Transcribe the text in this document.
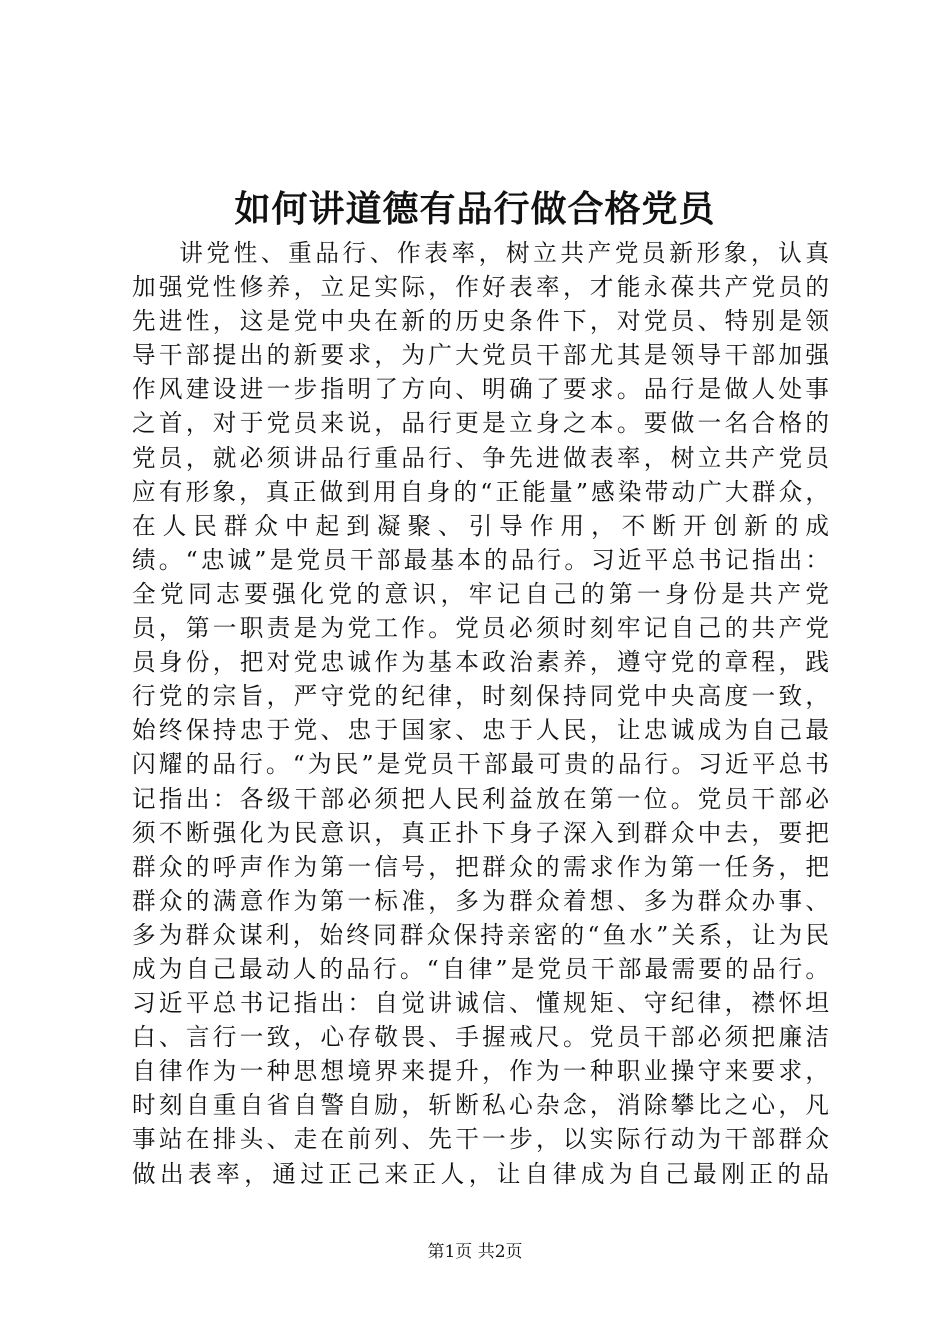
如何讲道德有品行做合格党员

讲党性、重品行、作表率，树立共产党员新形象，认真加强党性修养，立足实际，作好表率，才能永葆共产党员的先进性，这是党中央在新的历史条件下，对党员、特别是领导干部提出的新要求，为广大党员干部尤其是领导干部加强作风建设进一步指明了方向、明确了要求。品行是做人处事之首，对于党员来说，品行更是立身之本。要做一名合格的党员，就必须讲品行重品行、争先进做表率，树立共产党员应有形象，真正做到用自身的“正能量”感染带动广大群众，在人民群众中起到凝聚、引导作用，不断开创新的成绩。“忠诚”是党员干部最基本的品行。习近平总书记指出：全党同志要强化党的意识，牢记自己的第一身份是共产党员，第一职责是为党工作。党员必须时刻牢记自己的共产党员身份，把对党忠诚作为基本政治素养，遵守党的章程，践行党的宗旨，严守党的纪律，时刻保持同党中央高度一致，始终保持忠于党、忠于国家、忠于人民，让忠诚成为自己最闪耀的品行。“为民”是党员干部最可贵的品行。习近平总书记指出：各级干部必须把人民利益放在第一位。党员干部必须不断强化为民意识，真正扑下身子深入到群众中去，要把群众的呼声作为第一信号，把群众的需求作为第一任务，把群众的满意作为第一标准，多为群众着想、多为群众办事、多为群众谋利，始终同群众保持亲密的“鱼水”关系，让为民成为自己最动人的品行。“自律”是党员干部最需要的品行。习近平总书记指出：自觉讲诚信、懂规矩、守纪律，襟怀坦白、言行一致，心存敬畏、手握戒尺。党员干部必须把廉洁自律作为一种思想境界来提升，作为一种职业操守来要求，时刻自重自省自警自励，斩断私心杂念，消除攀比之心，凡事站在排头、走在前列、先干一步，以实际行动为干部群众做出表率，通过正己来正人，让自律成为自己最刚正的品

第1页 共2页
